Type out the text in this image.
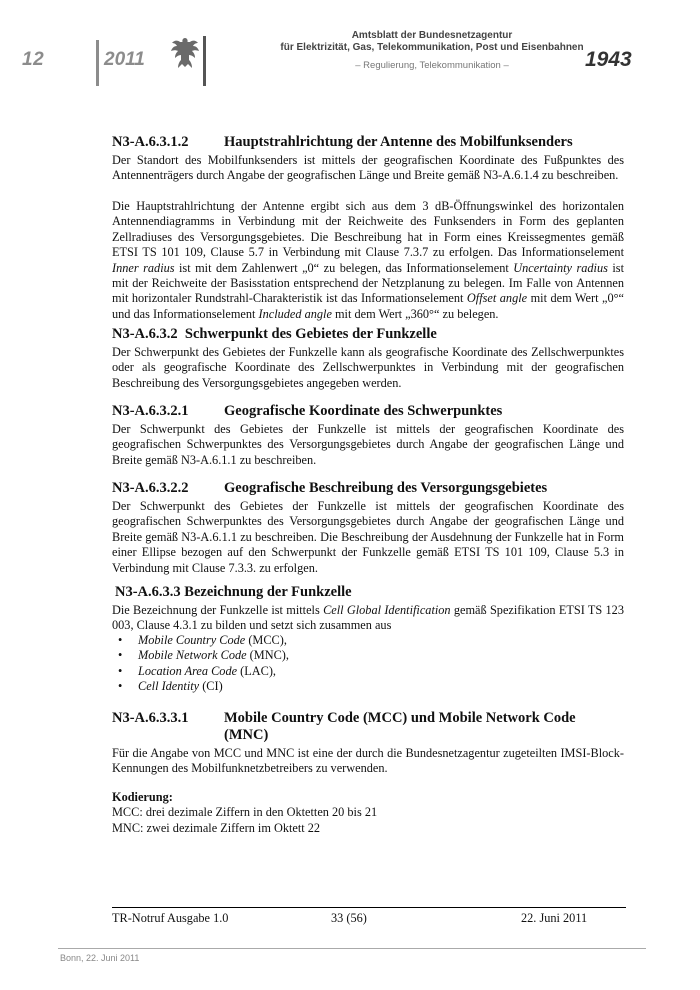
12	2011
Amtsblatt der Bundesnetzagentur
für Elektrizität, Gas, Telekommunikation, Post und Eisenbahnen
– Regulierung, Telekommunikation –	1943
N3-A.6.3.1.2 Hauptstrahlrichtung der Antenne des Mobilfunksenders

Der Standort des Mobilfunksenders ist mittels der geografischen Koordinate des Fußpunktes des Antennenträgers durch Angabe der geografischen Länge und Breite gemäß N3-A.6.1.4 zu beschreiben.

Die Hauptstrahlrichtung der Antenne ergibt sich aus dem 3 dB-Öffnungswinkel des horizontalen Antennendiagramms in Verbindung mit der Reichweite des Funksenders in Form des geplanten Zellradiuses des Versorgungsgebietes. Die Beschreibung hat in Form eines Kreissegmentes gemäß ETSI TS 101 109, Clause 5.7 in Verbindung mit Clause 7.3.7 zu erfolgen. Das Informationselement Inner radius ist mit dem Zahlenwert „0“ zu belegen, das Informationselement Uncertainty radius ist mit der Reichweite der Basisstation entsprechend der Netzplanung zu belegen. Im Falle von Antennen mit horizontaler Rundstrahl-Charakteristik ist das Informationselement Offset angle mit dem Wert „0°“ und das Informationselement Included angle mit dem Wert „360°“ zu belegen.

N3-A.6.3.2 Schwerpunkt des Gebietes der Funkzelle

Der Schwerpunkt des Gebietes der Funkzelle kann als geografische Koordinate des Zellschwerpunktes oder als geografische Koordinate des Zellschwerpunktes in Verbindung mit der geografischen Beschreibung des Versorgungsgebietes angegeben werden.

N3-A.6.3.2.1 Geografische Koordinate des Schwerpunktes

Der Schwerpunkt des Gebietes der Funkzelle ist mittels der geografischen Koordinate des geografischen Schwerpunktes des Versorgungsgebietes durch Angabe der geografischen Länge und Breite gemäß N3-A.6.1.1 zu beschreiben.

N3-A.6.3.2.2 Geografische Beschreibung des Versorgungsgebietes

Der Schwerpunkt des Gebietes der Funkzelle ist mittels der geografischen Koordinate des geografischen Schwerpunktes des Versorgungsgebietes durch Angabe der geografischen Länge und Breite gemäß N3-A.6.1.1 zu beschreiben. Die Beschreibung der Ausdehnung der Funkzelle hat in Form einer Ellipse bezogen auf den Schwerpunkt der Funkzelle gemäß ETSI TS 101 109, Clause 5.3 in Verbindung mit Clause 7.3.3. zu erfolgen.

N3-A.6.3.3 Bezeichnung der Funkzelle

Die Bezeichnung der Funkzelle ist mittels Cell Global Identification gemäß Spezifikation ETSI TS 123 003, Clause 4.3.1 zu bilden und setzt sich zusammen aus

• Mobile Country Code (MCC),
• Mobile Network Code (MNC),
• Location Area Code (LAC),
• Cell Identity (CI)
N3-A.6.3.3.1 Mobile Country Code (MCC) und Mobile Network Code
(MNC)

Für die Angabe von MCC und MNC ist eine der durch die Bundesnetzagentur zugeteilten IMSI-Block-Kennungen des Mobilfunknetzbetreibers zu verwenden.

Kodierung:
MCC: drei dezimale Ziffern in den Oktetten 20 bis 21
MNC: zwei dezimale Ziffern im Oktett 22
TR-Notruf Ausgabe 1.0	33 (56)	22. Juni 2011
Bonn, 22. Juni 2011
